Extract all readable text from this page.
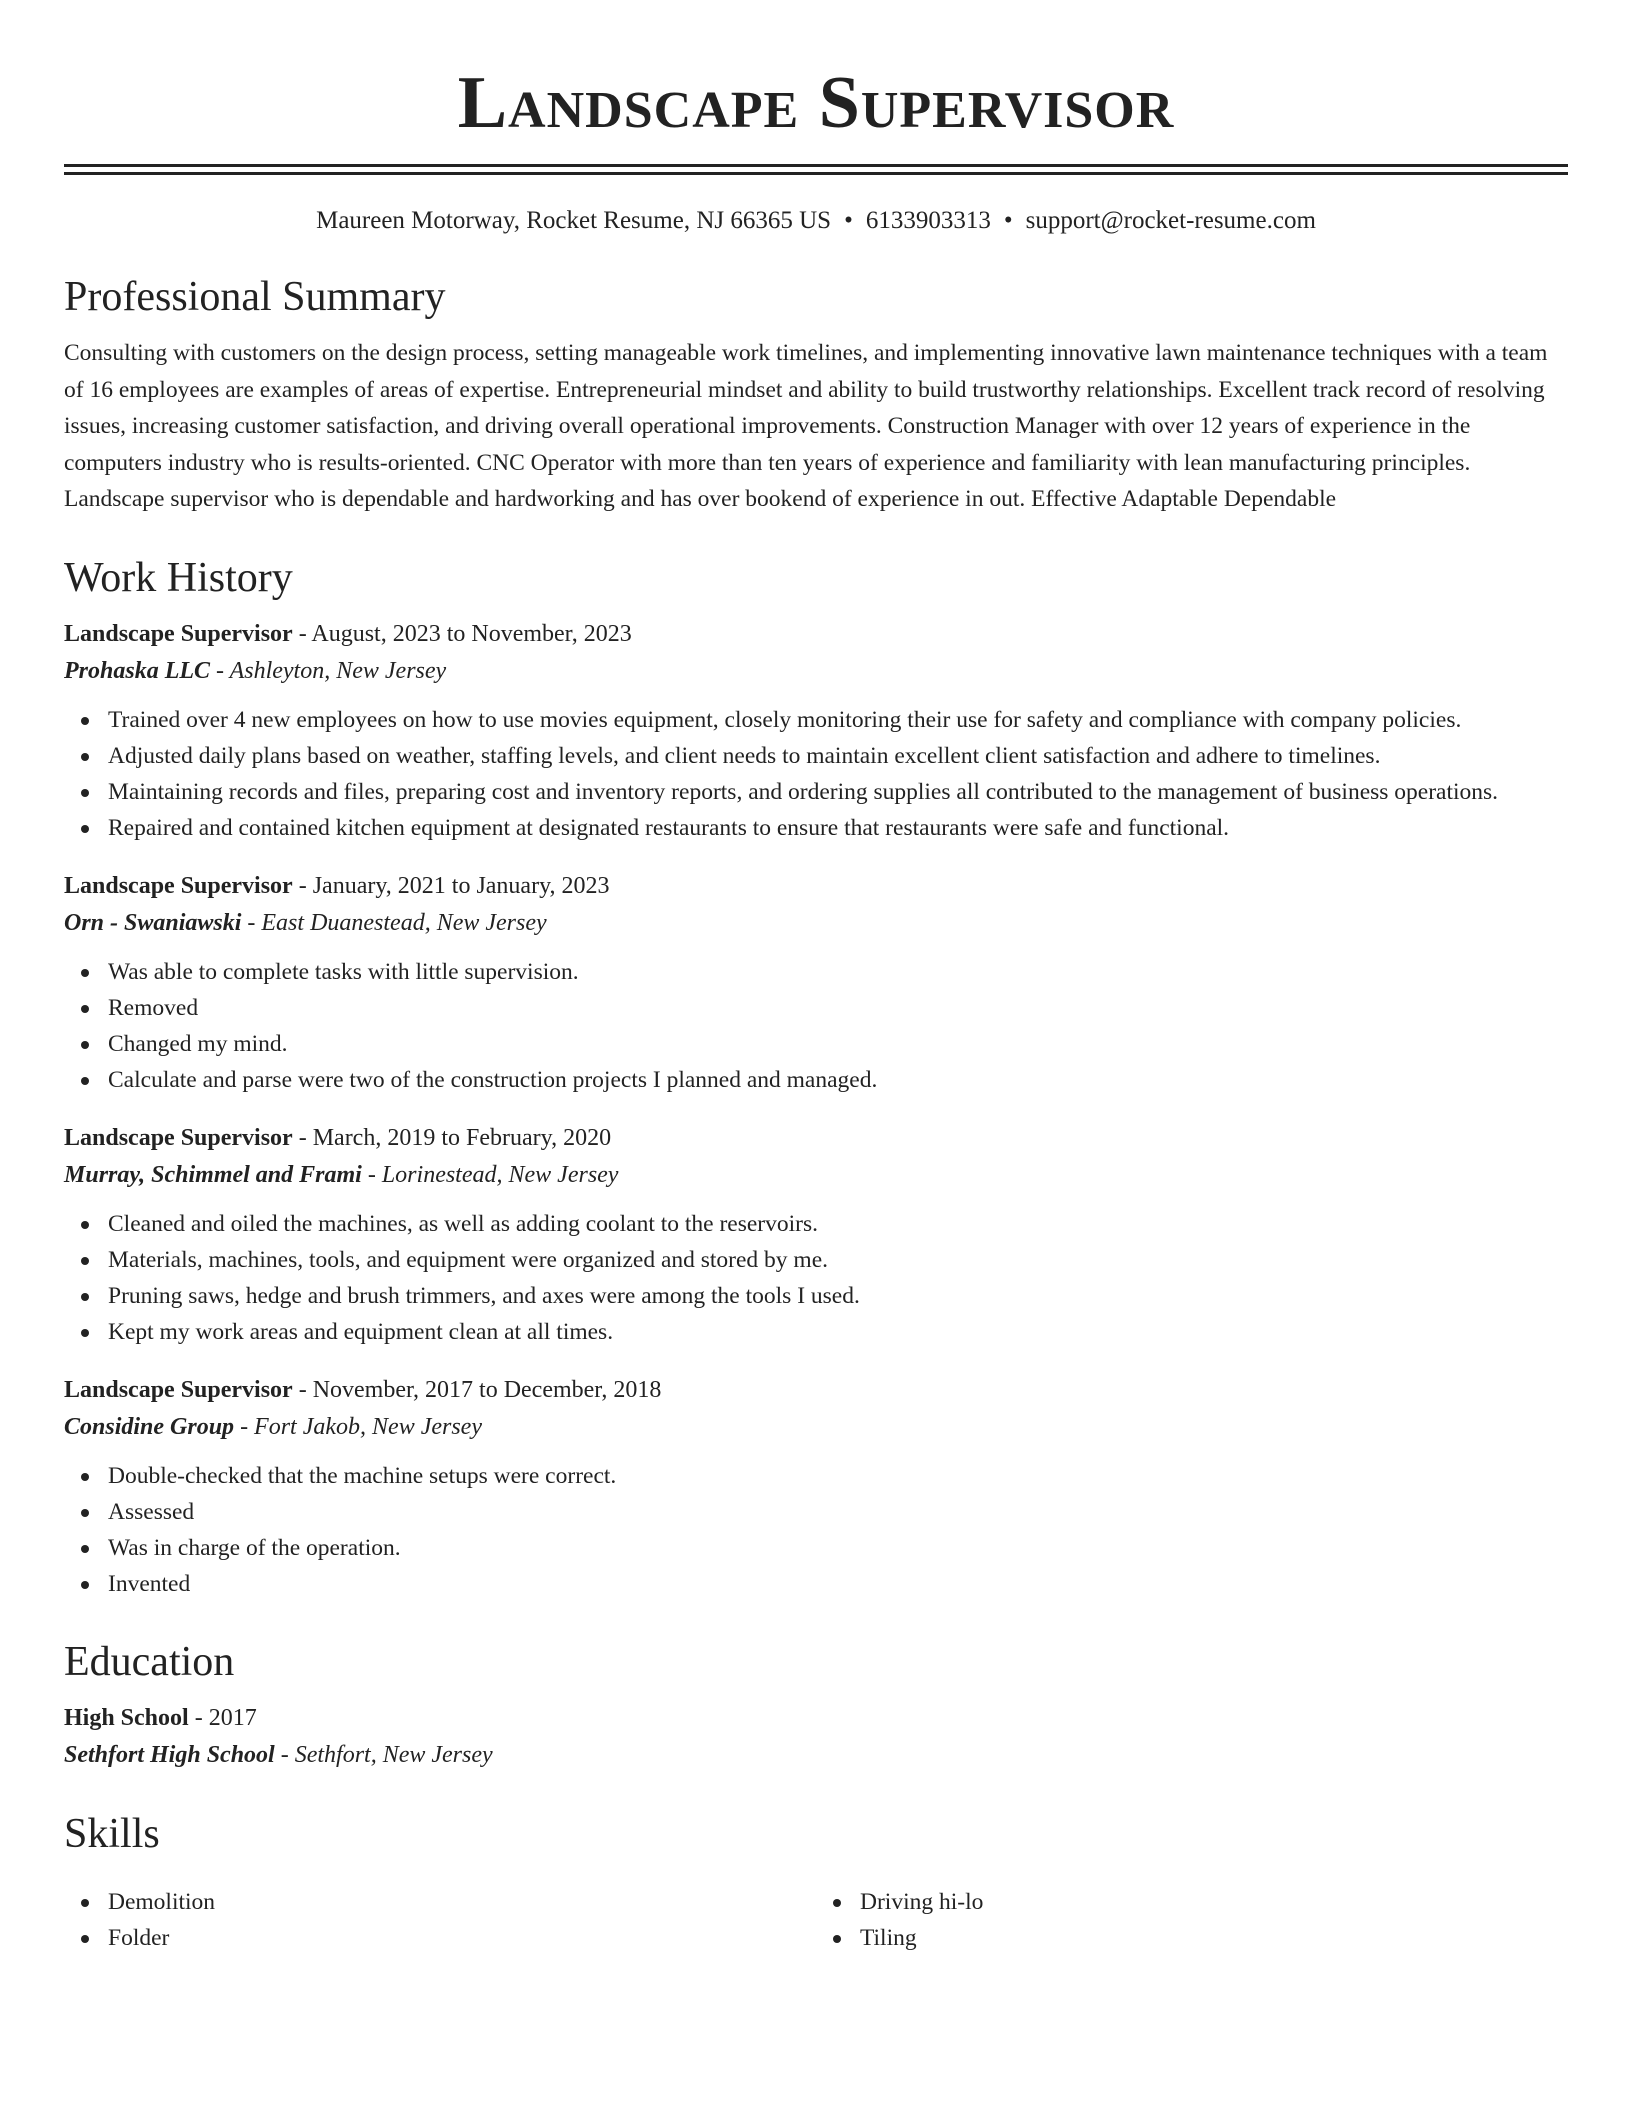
Landscape Supervisor
Maureen Motorway, Rocket Resume, NJ 66365 US • 6133903313 • support@rocket-resume.com
Professional Summary

Consulting with customers on the design process, setting manageable work timelines, and implementing innovative lawn maintenance techniques with a team of 16 employees are examples of areas of expertise. Entrepreneurial mindset and ability to build trustworthy relationships. Excellent track record of resolving issues, increasing customer satisfaction, and driving overall operational improvements. Construction Manager with over 12 years of experience in the computers industry who is results-oriented. CNC Operator with more than ten years of experience and familiarity with lean manufacturing principles. Landscape supervisor who is dependable and hardworking and has over bookend of experience in out. Effective Adaptable Dependable

Work History
Landscape Supervisor - August, 2023 to November, 2023
Prohaska LLC - Ashleyton, New Jersey
Trained over 4 new employees on how to use movies equipment, closely monitoring their use for safety and compliance with company policies.
Adjusted daily plans based on weather, staffing levels, and client needs to maintain excellent client satisfaction and adhere to timelines.
Maintaining records and files, preparing cost and inventory reports, and ordering supplies all contributed to the management of business operations.
Repaired and contained kitchen equipment at designated restaurants to ensure that restaurants were safe and functional.
Landscape Supervisor - January, 2021 to January, 2023
Orn - Swaniawski - East Duanestead, New Jersey
Was able to complete tasks with little supervision.
Removed
Changed my mind.
Calculate and parse were two of the construction projects I planned and managed.
Landscape Supervisor - March, 2019 to February, 2020
Murray, Schimmel and Frami - Lorinestead, New Jersey
Cleaned and oiled the machines, as well as adding coolant to the reservoirs.
Materials, machines, tools, and equipment were organized and stored by me.
Pruning saws, hedge and brush trimmers, and axes were among the tools I used.
Kept my work areas and equipment clean at all times.
Landscape Supervisor - November, 2017 to December, 2018
Considine Group - Fort Jakob, New Jersey
Double-checked that the machine setups were correct.
Assessed
Was in charge of the operation.
Invented
Education
High School - 2017
Sethfort High School - Sethfort, New Jersey
Skills
Demolition
Folder
Driving hi-lo
Tiling
